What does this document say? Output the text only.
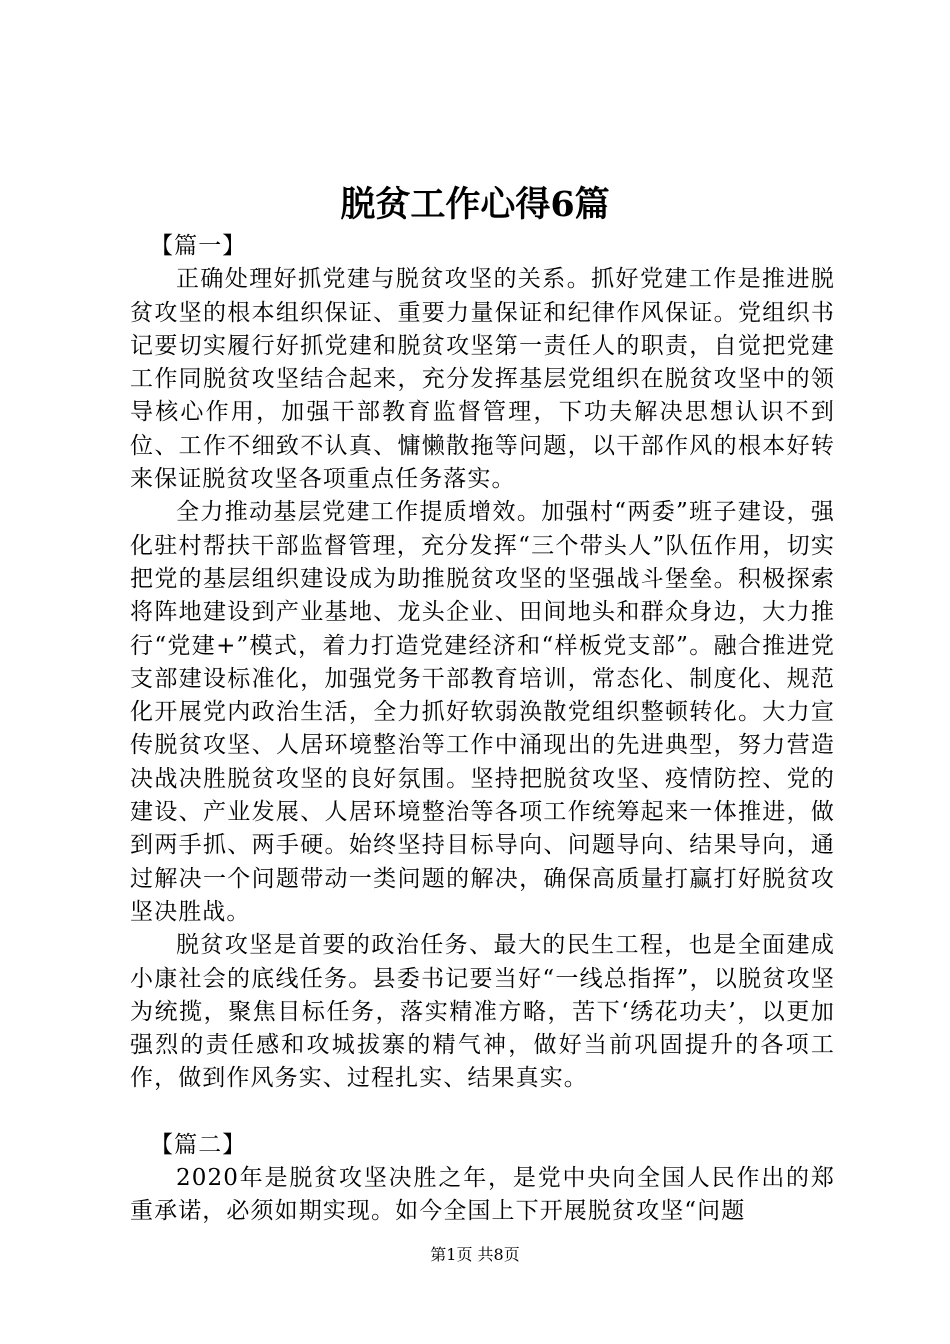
脱贫工作心得6篇

【篇一】

正确处理好抓党建与脱贫攻坚的关系。抓好党建工作是推进脱贫攻坚的根本组织保证、重要力量保证和纪律作风保证。党组织书记要切实履行好抓党建和脱贫攻坚第一责任人的职责，自觉把党建工作同脱贫攻坚结合起来，充分发挥基层党组织在脱贫攻坚中的领导核心作用，加强干部教育监督管理，下功夫解决思想认识不到位、工作不细致不认真、慵懒散拖等问题，以干部作风的根本好转来保证脱贫攻坚各项重点任务落实。

全力推动基层党建工作提质增效。加强村“两委”班子建设，强化驻村帮扶干部监督管理，充分发挥“三个带头人”队伍作用，切实把党的基层组织建设成为助推脱贫攻坚的坚强战斗堡垒。积极探索将阵地建设到产业基地、龙头企业、田间地头和群众身边，大力推行“党建+”模式，着力打造党建经济和“样板党支部”。融合推进党支部建设标准化，加强党务干部教育培训，常态化、制度化、规范化开展党内政治生活，全力抓好软弱涣散党组织整顿转化。大力宣传脱贫攻坚、人居环境整治等工作中涌现出的先进典型，努力营造决战决胜脱贫攻坚的良好氛围。坚持把脱贫攻坚、疫情防控、党的建设、产业发展、人居环境整治等各项工作统筹起来一体推进，做到两手抓、两手硬。始终坚持目标导向、问题导向、结果导向，通过解决一个问题带动一类问题的解决，确保高质量打赢打好脱贫攻坚决胜战。

脱贫攻坚是首要的政治任务、最大的民生工程，也是全面建成小康社会的底线任务。县委书记要当好“一线总指挥”，以脱贫攻坚为统揽，聚焦目标任务，落实精准方略，苦下‘绣花功夫’，以更加强烈的责任感和攻城拔寨的精气神，做好当前巩固提升的各项工作，做到作风务实、过程扎实、结果真实。

【篇二】

2020年是脱贫攻坚决胜之年，是党中央向全国人民作出的郑重承诺，必须如期实现。如今全国上下开展脱贫攻坚“问题

第1页 共8页
